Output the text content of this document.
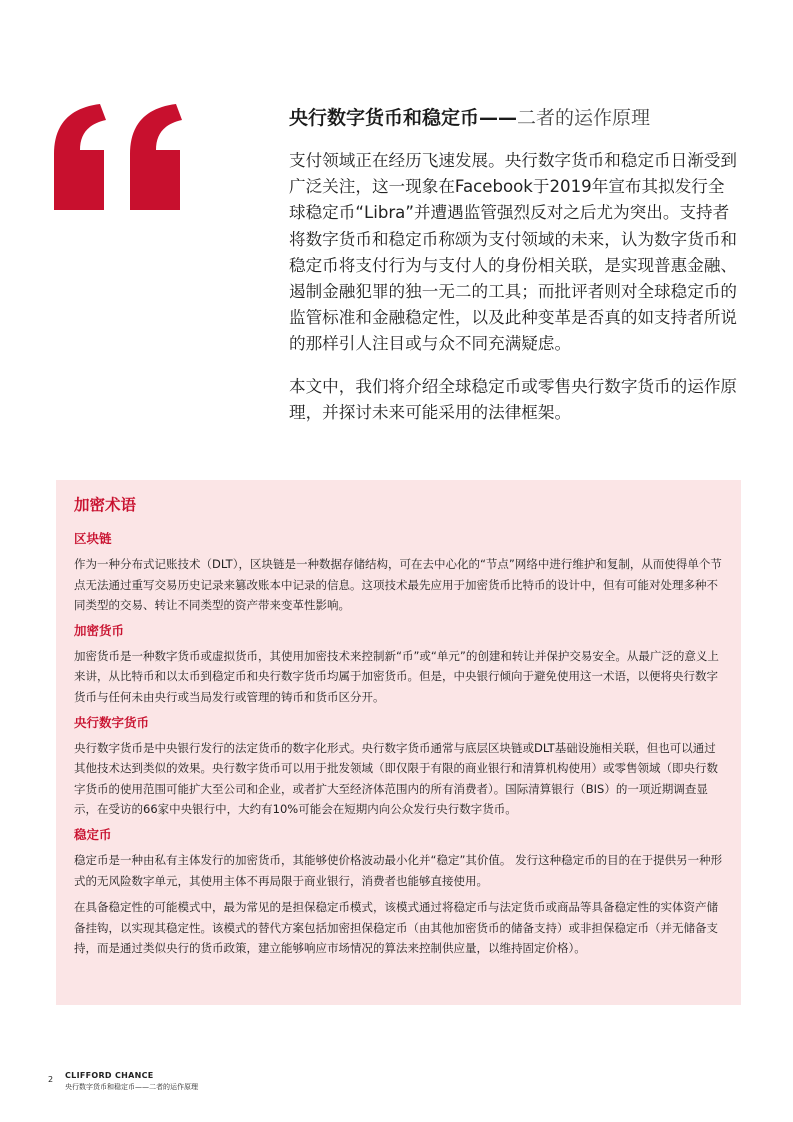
央行数字货币和稳定币——二者的运作原理

支付领域正在经历飞速发展。央行数字货币和稳定币日渐受到广泛关注，这一现象在Facebook于2019年宣布其拟发行全球稳定币“Libra”并遭遇监管强烈反对之后尤为突出。支持者将数字货币和稳定币称颂为支付领域的未来，认为数字货币和稳定币将支付行为与支付人的身份相关联，是实现普惠金融、遏制金融犯罪的独一无二的工具；而批评者则对全球稳定币的监管标准和金融稳定性，以及此种变革是否真的如支持者所说的那样引人注目或与众不同充满疑虑。

本文中，我们将介绍全球稳定币或零售央行数字货币的运作原理，并探讨未来可能采用的法律框架。

加密术语
区块链

作为一种分布式记账技术（DLT），区块链是一种数据存储结构，可在去中心化的“节点”网络中进行维护和复制，从而使得单个节点无法通过重写交易历史记录来篡改账本中记录的信息。这项技术最先应用于加密货币比特币的设计中，但有可能对处理多种不同类型的交易、转让不同类型的资产带来变革性影响。

加密货币

加密货币是一种数字货币或虚拟货币，其使用加密技术来控制新“币”或“单元”的创建和转让并保护交易安全。从最广泛的意义上来讲，从比特币和以太币到稳定币和央行数字货币均属于加密货币。但是，中央银行倾向于避免使用这一术语，以便将央行数字货币与任何未由央行或当局发行或管理的铸币和货币区分开。

央行数字货币

央行数字货币是中央银行发行的法定货币的数字化形式。央行数字货币通常与底层区块链或DLT基础设施相关联，但也可以通过其他技术达到类似的效果。央行数字货币可以用于批发领域（即仅限于有限的商业银行和清算机构使用）或零售领域（即央行数字货币的使用范围可能扩大至公司和企业，或者扩大至经济体范围内的所有消费者）。国际清算银行（BIS）的一项近期调查显示，在受访的66家中央银行中，大约有10%可能会在短期内向公众发行央行数字货币。

稳定币

稳定币是一种由私有主体发行的加密货币，其能够使价格波动最小化并“稳定”其价值。 发行这种稳定币的目的在于提供另一种形式的无风险数字单元，其使用主体不再局限于商业银行，消费者也能够直接使用。

在具备稳定性的可能模式中，最为常见的是担保稳定币模式，该模式通过将稳定币与法定货币或商品等具备稳定性的实体资产储备挂钩，以实现其稳定性。该模式的替代方案包括加密担保稳定币（由其他加密货币的储备支持）或非担保稳定币（并无储备支持，而是通过类似央行的货币政策，建立能够响应市场情况的算法来控制供应量，以维持固定价格）。

2 CLIFFORD CHANCE
央行数字货币和稳定币——二者的运作原理
